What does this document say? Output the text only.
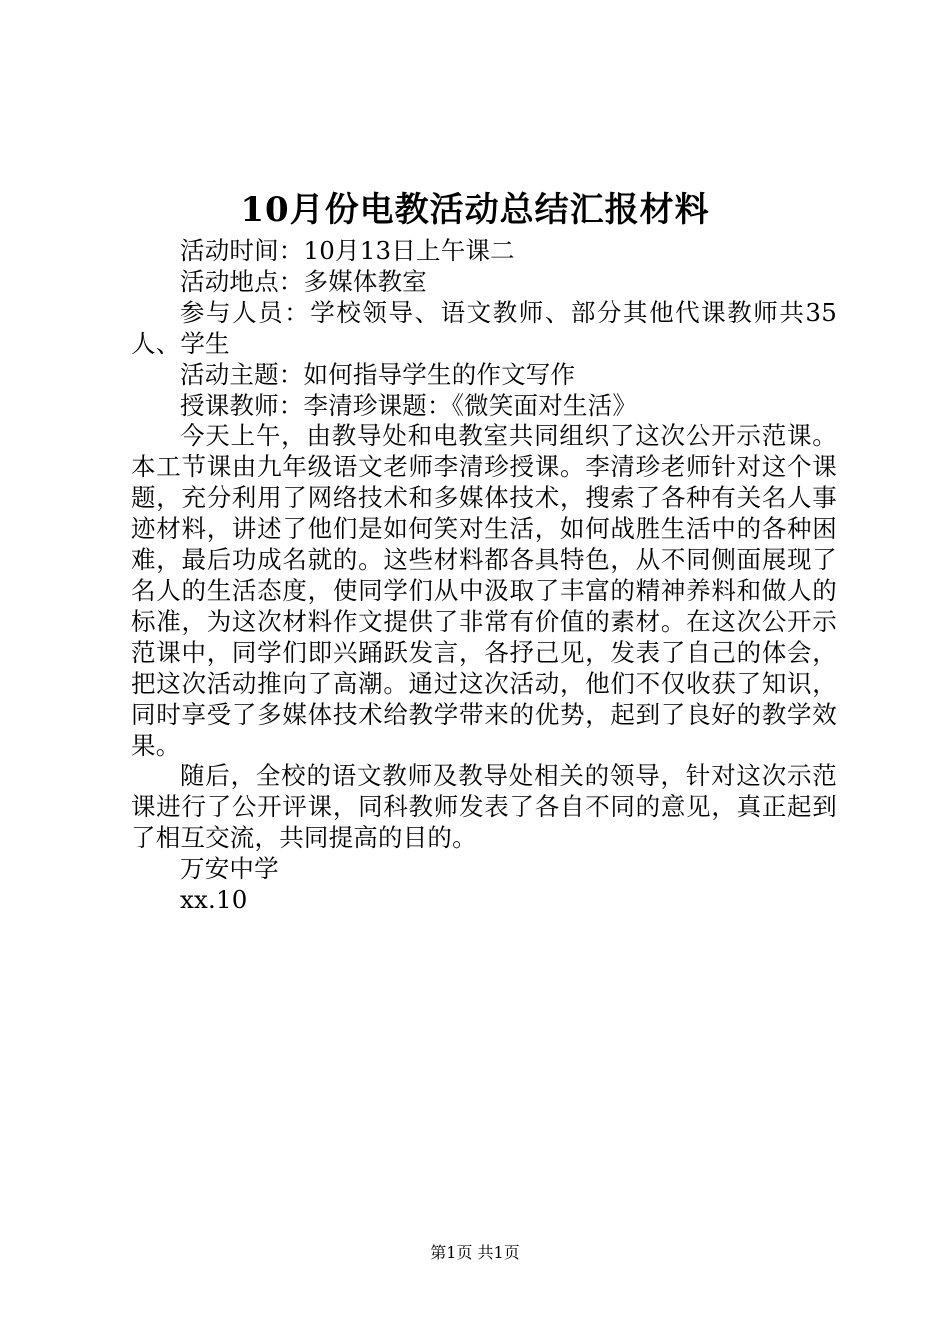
10月份电教活动总结汇报材料

活动时间：10月13日上午课二

活动地点：多媒体教室

参与人员：学校领导、语文教师、部分其他代课教师共35人、学生

活动主题：如何指导学生的作文写作

授课教师：李清珍课题：《微笑面对生活》

今天上午，由教导处和电教室共同组织了这次公开示范课。本工节课由九年级语文老师李清珍授课。李清珍老师针对这个课题，充分利用了网络技术和多媒体技术，搜索了各种有关名人事迹材料，讲述了他们是如何笑对生活，如何战胜生活中的各种困难，最后功成名就的。这些材料都各具特色，从不同侧面展现了名人的生活态度，使同学们从中汲取了丰富的精神养料和做人的标准，为这次材料作文提供了非常有价值的素材。在这次公开示范课中，同学们即兴踊跃发言，各抒己见，发表了自己的体会，把这次活动推向了高潮。通过这次活动，他们不仅收获了知识，同时享受了多媒体技术给教学带来的优势，起到了良好的教学效果。

随后，全校的语文教师及教导处相关的领导，针对这次示范课进行了公开评课，同科教师发表了各自不同的意见，真正起到了相互交流，共同提高的目的。

万安中学

xx.10

第1页 共1页
